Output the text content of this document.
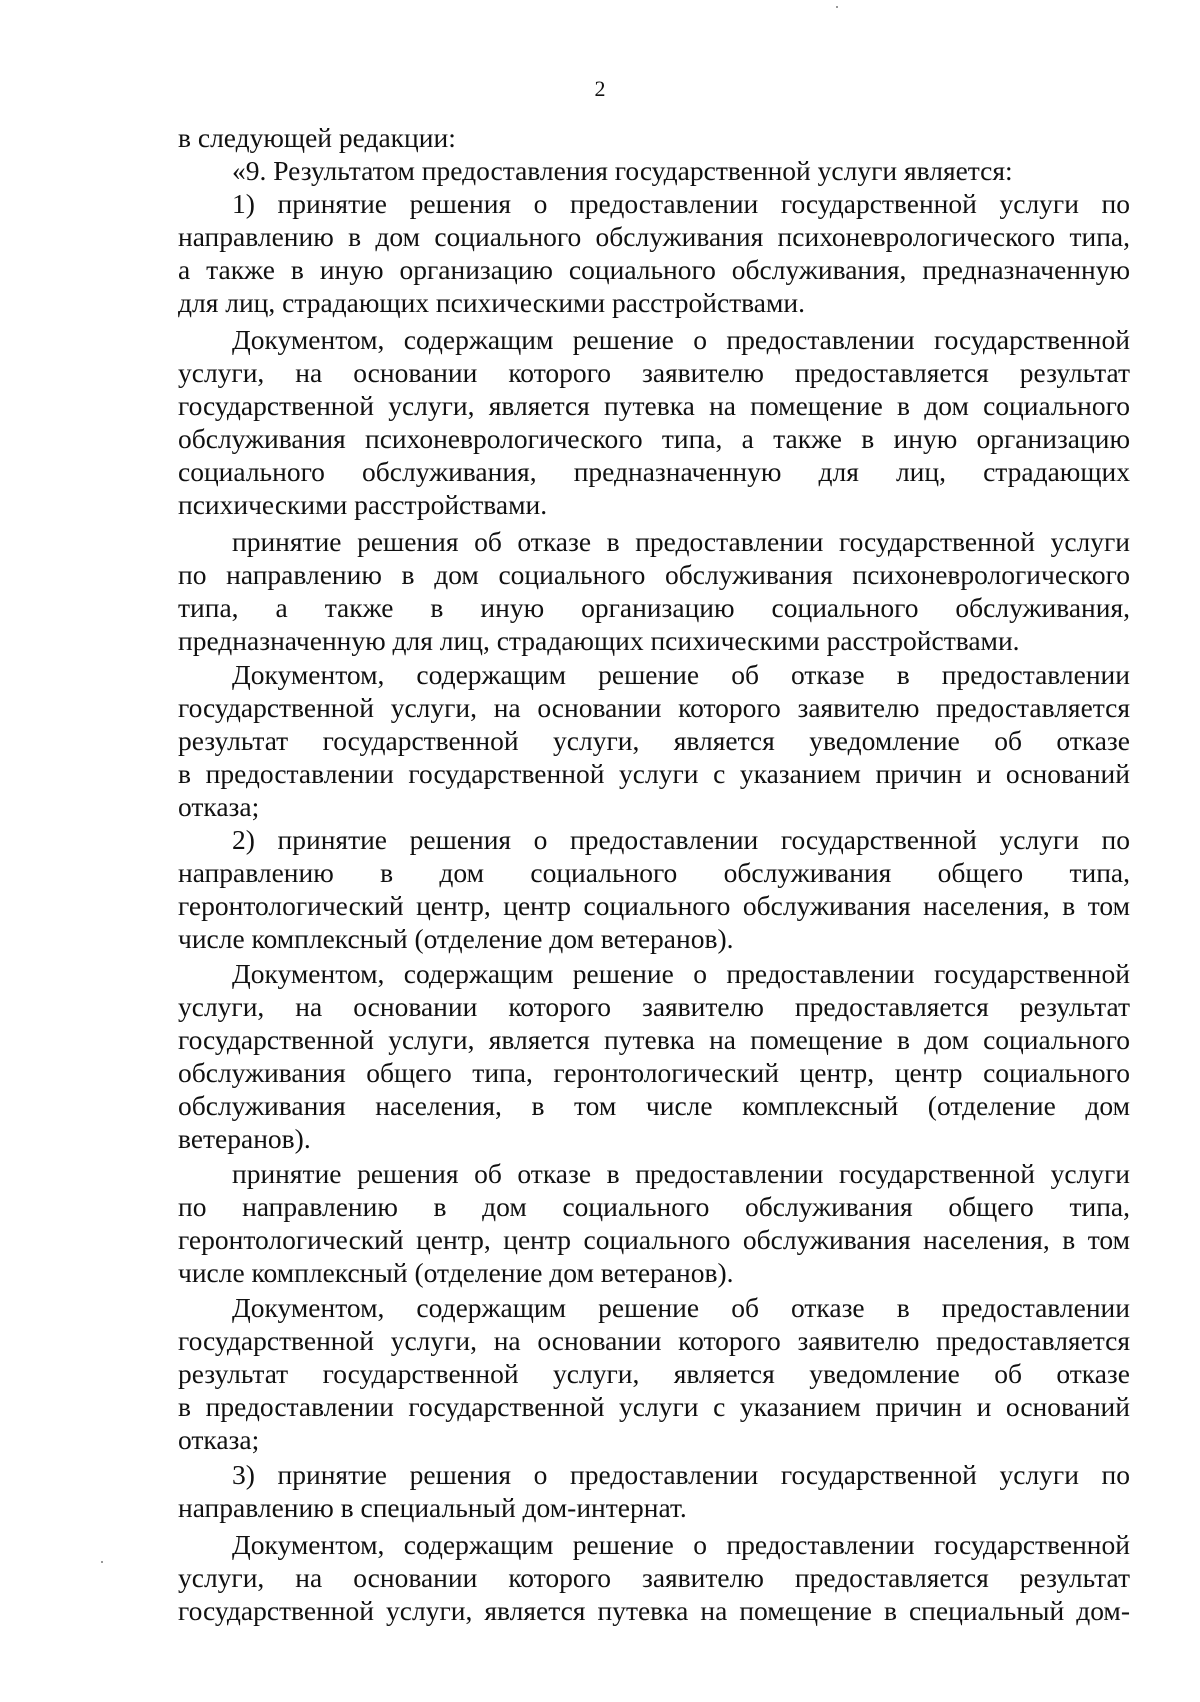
2
в следующей редакции:
«9. Результатом предоставления государственной услуги является:
1) принятие решения о предоставлении государственной услуги по
направлению в дом социального обслуживания психоневрологического типа,
а также в иную организацию социального обслуживания, предназначенную
для лиц, страдающих психическими расстройствами.
Документом, содержащим решение о предоставлении государственной
услуги, на основании которого заявителю предоставляется результат
государственной услуги, является путевка на помещение в дом социального
обслуживания психоневрологического типа, а также в иную организацию
социального обслуживания, предназначенную для лиц, страдающих
психическими расстройствами.
принятие решения об отказе в предоставлении государственной услуги
по направлению в дом социального обслуживания психоневрологического
типа, а также в иную организацию социального обслуживания,
предназначенную для лиц, страдающих психическими расстройствами.
Документом, содержащим решение об отказе в предоставлении
государственной услуги, на основании которого заявителю предоставляется
результат государственной услуги, является уведомление об отказе
в предоставлении государственной услуги с указанием причин и оснований
отказа;
2) принятие решения о предоставлении государственной услуги по
направлению в дом социального обслуживания общего типа,
геронтологический центр, центр социального обслуживания населения, в том
числе комплексный (отделение дом ветеранов).
Документом, содержащим решение о предоставлении государственной
услуги, на основании которого заявителю предоставляется результат
государственной услуги, является путевка на помещение в дом социального
обслуживания общего типа, геронтологический центр, центр социального
обслуживания населения, в том числе комплексный (отделение дом
ветеранов).
принятие решения об отказе в предоставлении государственной услуги
по направлению в дом социального обслуживания общего типа,
геронтологический центр, центр социального обслуживания населения, в том
числе комплексный (отделение дом ветеранов).
Документом, содержащим решение об отказе в предоставлении
государственной услуги, на основании которого заявителю предоставляется
результат государственной услуги, является уведомление об отказе
в предоставлении государственной услуги с указанием причин и оснований
отказа;
3) принятие решения о предоставлении государственной услуги по
направлению в специальный дом-интернат.
Документом, содержащим решение о предоставлении государственной
услуги, на основании которого заявителю предоставляется результат
государственной услуги, является путевка на помещение в специальный дом-
